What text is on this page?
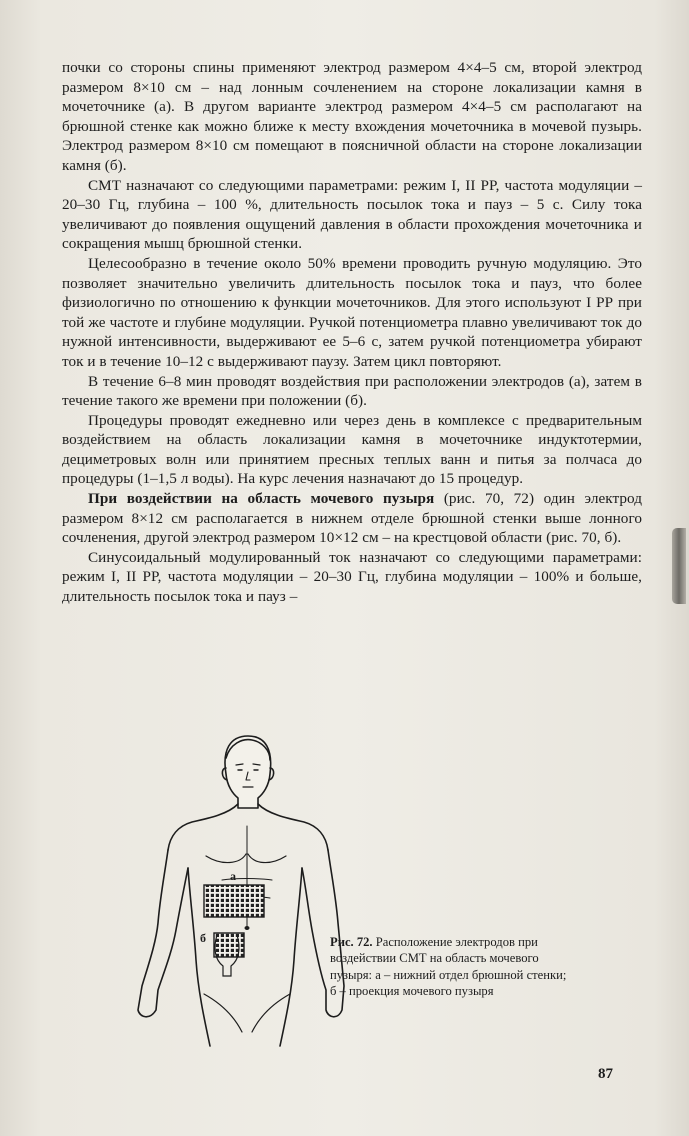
почки со стороны спины применяют электрод размером 4×4–5 см, второй электрод размером 8×10 см – над лонным сочленением на стороне локализации камня в мочеточнике (а). В другом варианте электрод размером 4×4–5 см располагают на брюшной стенке как можно ближе к месту вхождения мочеточника в мочевой пузырь. Электрод размером 8×10 см помещают в поясничной области на стороне локализации камня (б).

СМТ назначают со следующими параметрами: режим I, II РР, частота модуляции – 20–30 Гц, глубина – 100 %, длительность посылок тока и пауз – 5 с. Силу тока увеличивают до появления ощущений давления в области прохождения мочеточника и сокращения мышц брюшной стенки.

Целесообразно в течение около 50% времени проводить ручную модуляцию. Это позволяет значительно увеличить длительность посылок тока и пауз, что более физиологично по отношению к функции мочеточников. Для этого используют I РР при той же частоте и глубине модуляции. Ручкой потенциометра плавно увеличивают ток до нужной интенсивности, выдерживают ее 5–6 с, затем ручкой потенциометра убирают ток и в течение 10–12 с выдерживают паузу. Затем цикл повторяют.

В течение 6–8 мин проводят воздействия при расположении электродов (а), затем в течение такого же времени при положении (б).

Процедуры проводят ежедневно или через день в комплексе с предварительным воздействием на область локализации камня в мочеточнике индуктотермии, дециметровых волн или принятием пресных теплых ванн и питья за полчаса до процедуры (1–1,5 л воды). На курс лечения назначают до 15 процедур.

При воздействии на область мочевого пузыря (рис. 70, 72) один электрод размером 8×12 см располагается в нижнем отделе брюшной стенки выше лонного сочленения, другой электрод размером 10×12 см – на крестцовой области (рис. 70, б).

Синусоидальный модулированный ток назначают со следующими параметрами: режим I, II РР, частота модуляции – 20–30 Гц, глубина модуляции – 100% и больше, длительность посылок тока и пауз –

а
б	Рис. 72. Расположение электродов при воздействии СМТ на область мочевого пузыря: а – нижний отдел брюшной стенки; б – проекция мочевого пузыря
87
